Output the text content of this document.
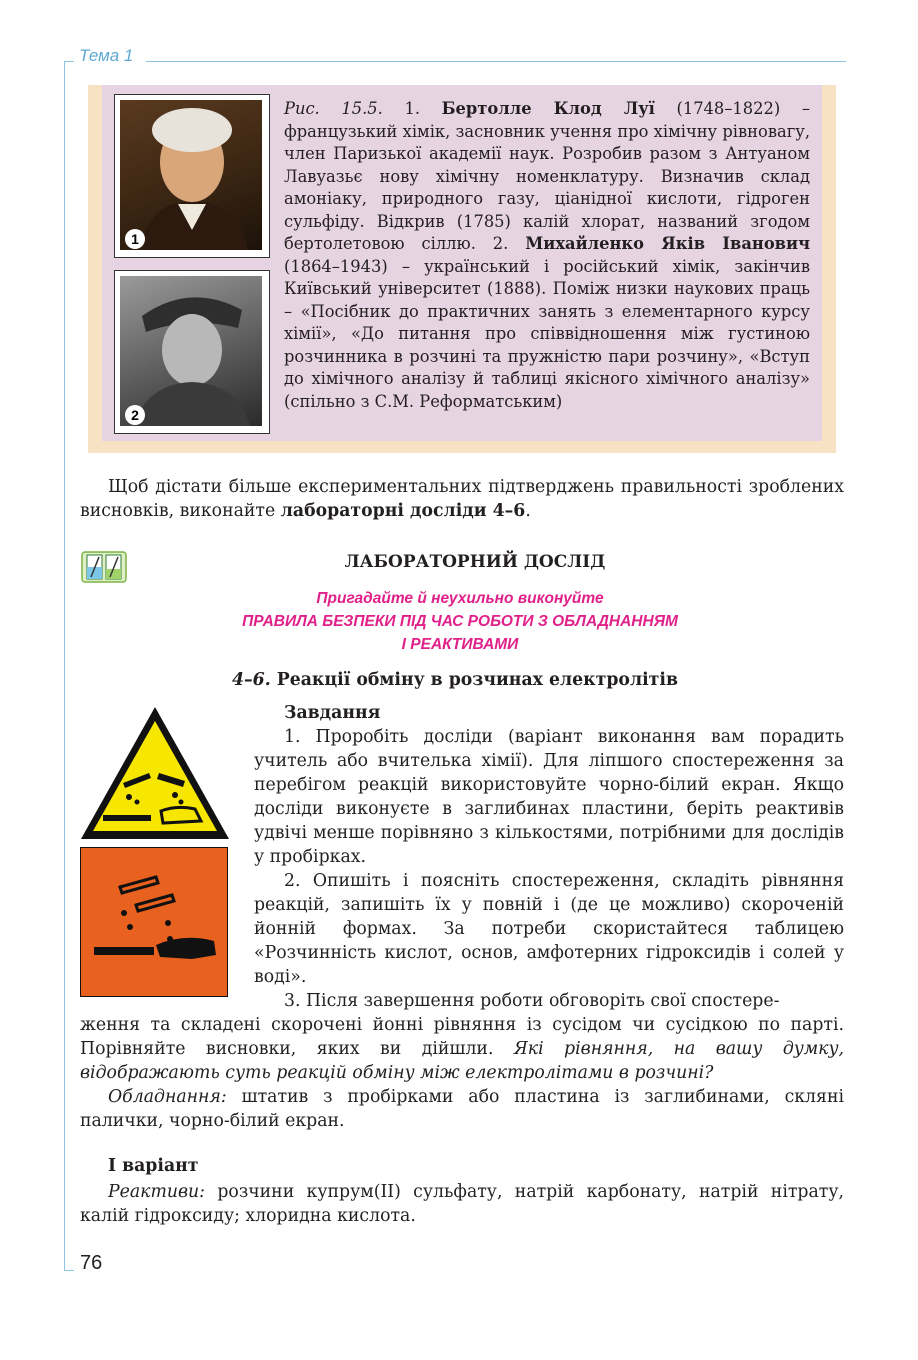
Тема 1
1
2

Рис. 15.5. 1. Бертолле Клод Луї (1748–1822) – французький хімік, засновник учення про хімічну рівновагу, член Паризької академії наук. Розробив разом з Антуаном Лавуазьє нову хімічну номенклатуру. Визначив склад амоніаку, природного газу, ціанідної кислоти, гідроген сульфіду. Відкрив (1785) калій хлорат, названий згодом бертолетовою сіллю. 2. Михайленко Яків Іванович (1864–1943) – український і російський хімік, закінчив Київський університет (1888). Поміж низки наукових праць – «Посібник до практичних занять з елементарного курсу хімії», «До питання про співвідношення між густиною розчинника в розчині та пружністю пари розчину», «Вступ до хімічного аналізу й таблиці якісного хімічного аналізу» (спільно з С.М. Реформатським)

Щоб дістати більше експериментальних підтверджень правильності зроблених висновків, виконайте лабораторні досліди 4–6.

ЛАБОРАТОРНИЙ ДОСЛІД

Пригадайте й неухильно виконуйте

ПРАВИЛА БЕЗПЕКИ ПІД ЧАС РОБОТИ З ОБЛАДНАННЯМ

І РЕАКТИВАМИ

4–6. Реакції обміну в розчинах електролітів

Завдання

1. Проробіть досліди (варіант виконання вам порадить учитель або вчителька хімії). Для ліпшого спостереження за перебігом реакцій використовуйте чорно-білий екран. Якщо досліди виконуєте в заглибинах пластини, беріть реактивів удвічі менше порівняно з кількостями, потрібними для дослідів у пробірках.

2. Опишіть і поясніть спостереження, складіть рівняння реакцій, запишіть їх у повній і (де це можливо) скороченій йонній формах. За потреби скористайтеся таблицею «Розчинність кислот, основ, амфотерних гідроксидів і солей у воді».

3. Після завершення роботи обговоріть свої спостере-

ження та складені скорочені йонні рівняння із сусідом чи сусідкою по парті. Порівняйте висновки, яких ви дійшли. Які рівняння, на вашу думку, відображають суть реакцій обміну між електролітами в розчині?

Обладнання: штатив з пробірками або пластина із заглибинами, скляні палички, чорно-білий екран.

І варіант

Реактиви: розчини купрум(ІІ) сульфату, натрій карбонату, натрій нітрату, калій гідроксиду; хлоридна кислота.

76
